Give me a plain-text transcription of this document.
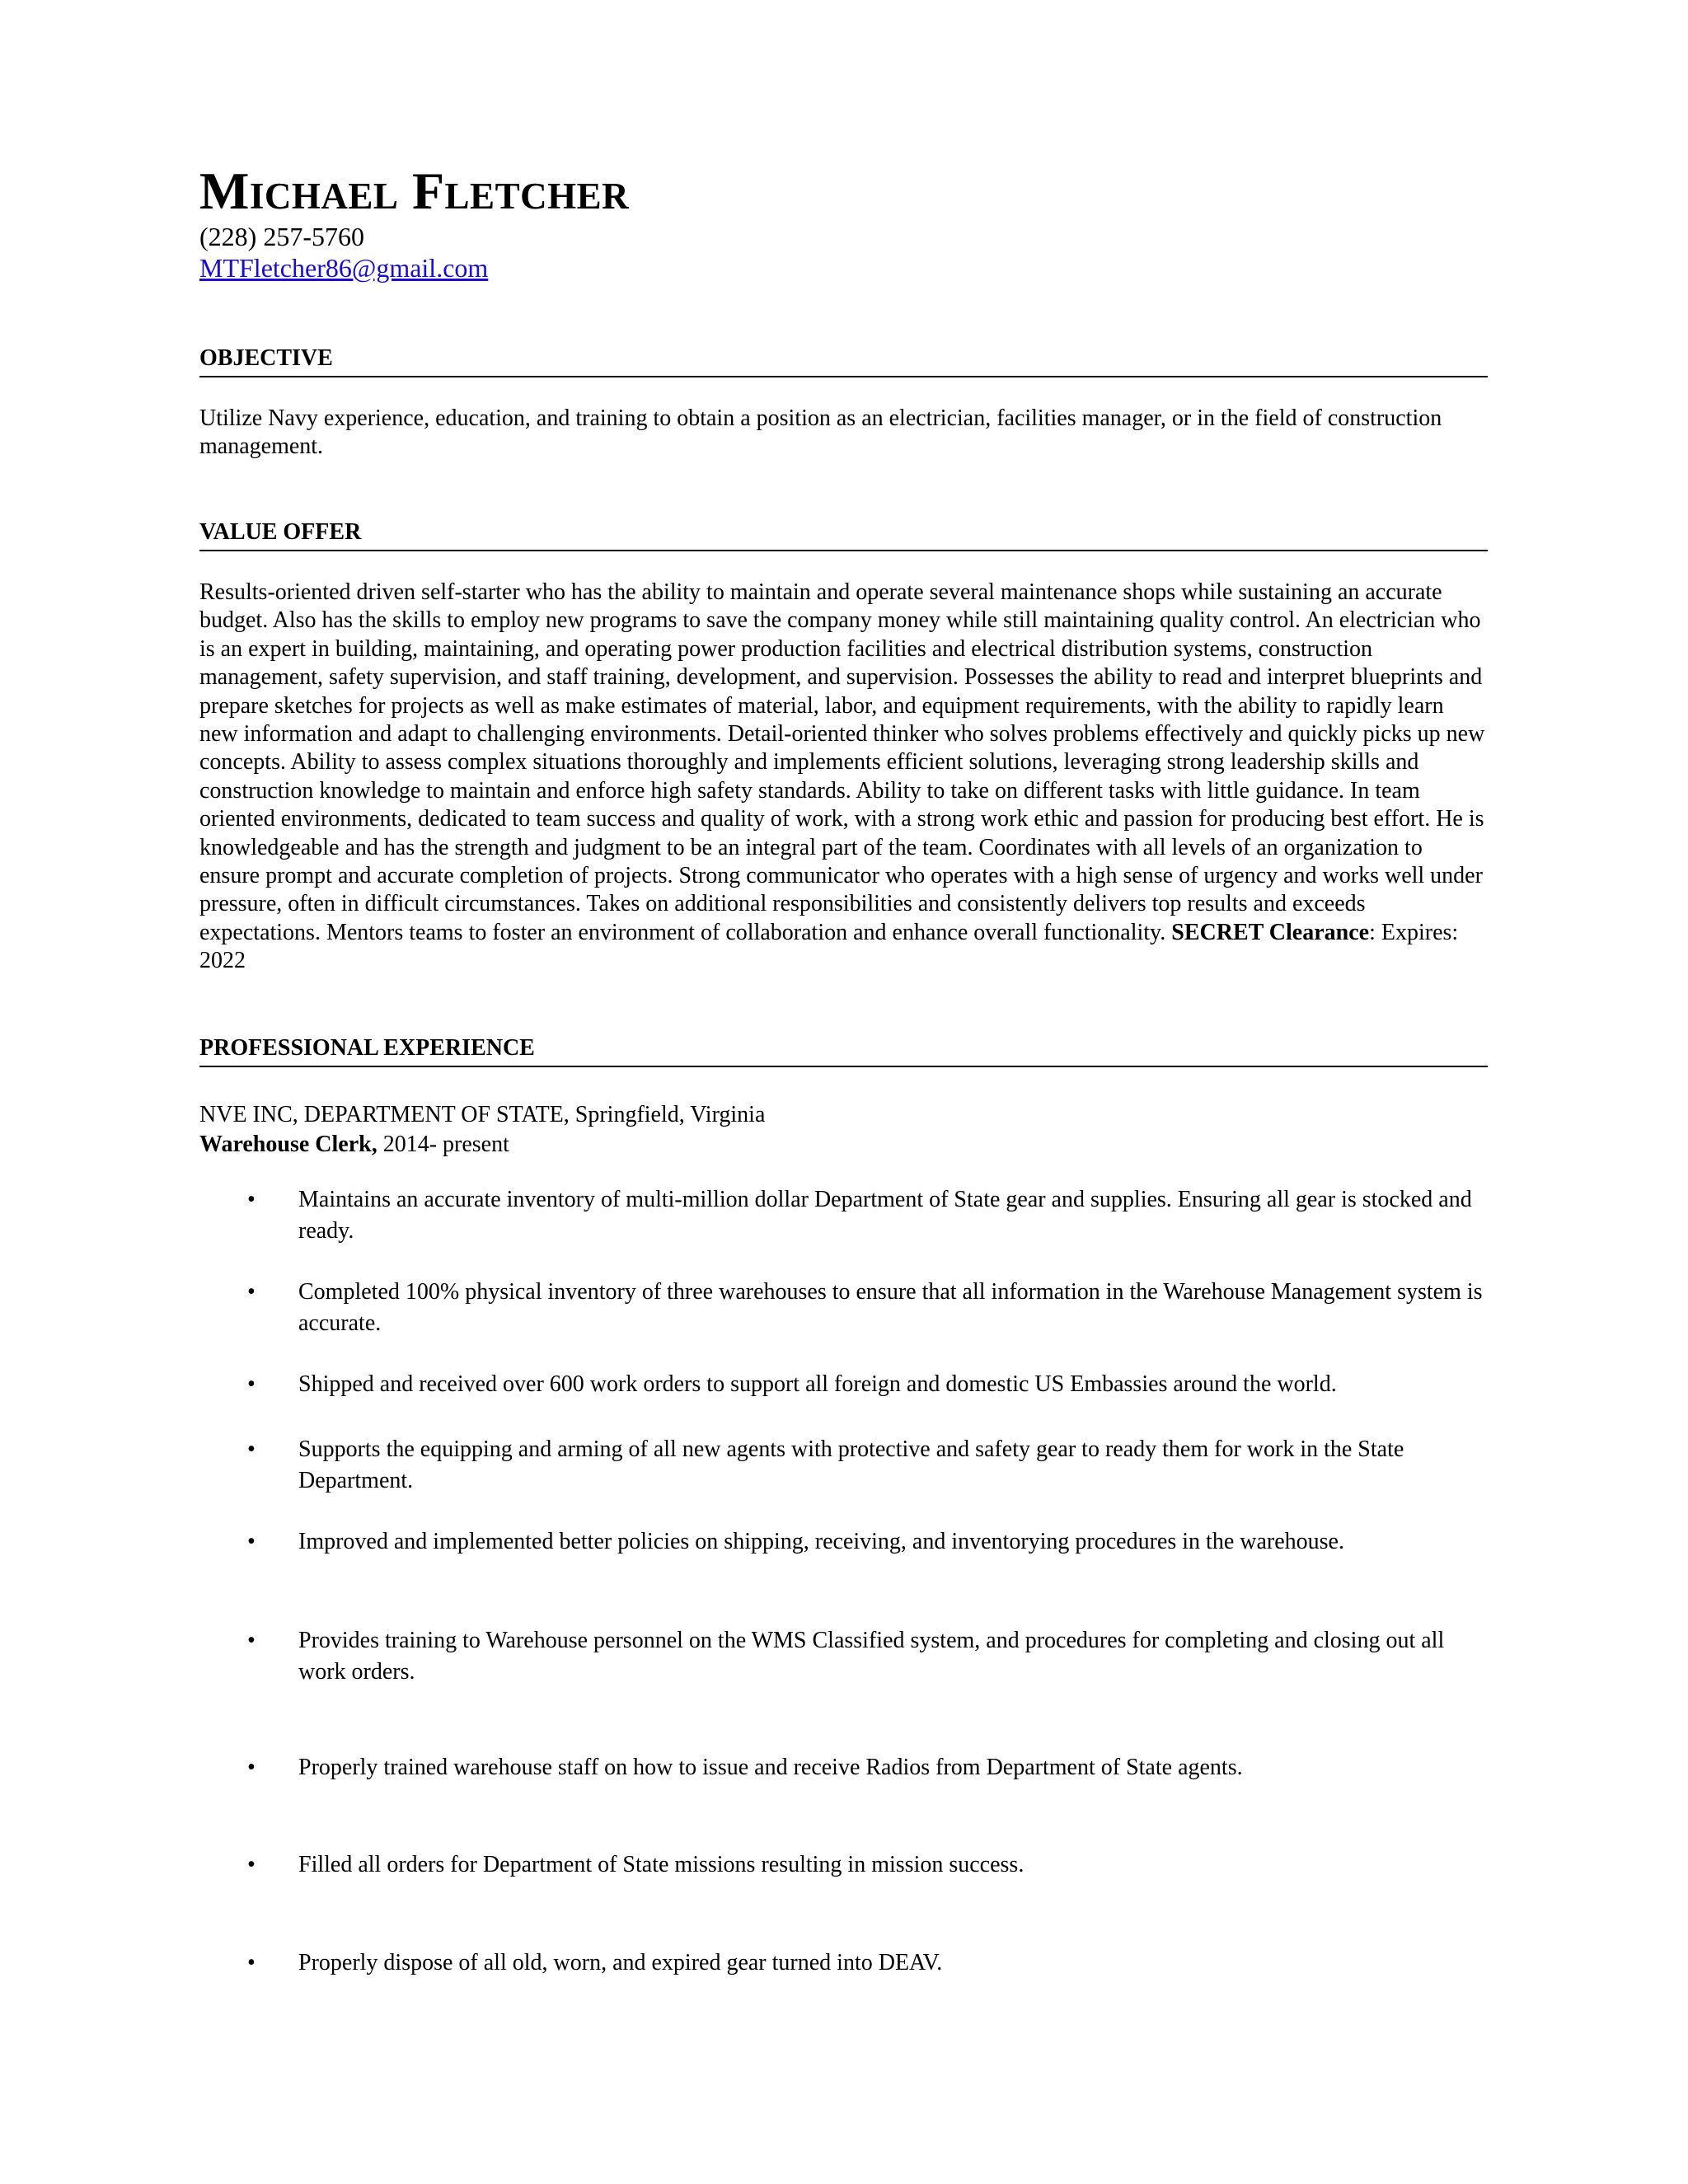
Michael Fletcher
(228) 257-5760
MTFletcher86@gmail.com
OBJECTIVE

Utilize Navy experience, education, and training to obtain a position as an electrician, facilities manager, or in the field of construction management.

VALUE OFFER

Results-oriented driven self-starter who has the ability to maintain and operate several maintenance shops while sustaining an accurate budget. Also has the skills to employ new programs to save the company money while still maintaining quality control. An electrician who is an expert in building, maintaining, and operating power production facilities and electrical distribution systems, construction management, safety supervision, and staff training, development, and supervision. Possesses the ability to read and interpret blueprints and prepare sketches for projects as well as make estimates of material, labor, and equipment requirements, with the ability to rapidly learn new information and adapt to challenging environments. Detail-oriented thinker who solves problems effectively and quickly picks up new concepts. Ability to assess complex situations thoroughly and implements efficient solutions, leveraging strong leadership skills and construction knowledge to maintain and enforce high safety standards. Ability to take on different tasks with little guidance. In team oriented environments, dedicated to team success and quality of work, with a strong work ethic and passion for producing best effort. He is knowledgeable and has the strength and judgment to be an integral part of the team. Coordinates with all levels of an organization to ensure prompt and accurate completion of projects. Strong communicator who operates with a high sense of urgency and works well under pressure, often in difficult circumstances. Takes on additional responsibilities and consistently delivers top results and exceeds expectations. Mentors teams to foster an environment of collaboration and enhance overall functionality. SECRET Clearance: Expires: 2022

PROFESSIONAL EXPERIENCE
NVE INC, DEPARTMENT OF STATE, Springfield, Virginia
Warehouse Clerk, 2014- present
• Maintains an accurate inventory of multi-million dollar Department of State gear and supplies. Ensuring all gear is stocked and ready.
• Completed 100% physical inventory of three warehouses to ensure that all information in the Warehouse Management system is accurate.
• Shipped and received over 600 work orders to support all foreign and domestic US Embassies around the world.
• Supports the equipping and arming of all new agents with protective and safety gear to ready them for work in the State Department.
• Improved and implemented better policies on shipping, receiving, and inventorying procedures in the warehouse.
• Provides training to Warehouse personnel on the WMS Classified system, and procedures for completing and closing out all work orders.
• Properly trained warehouse staff on how to issue and receive Radios from Department of State agents.
• Filled all orders for Department of State missions resulting in mission success.
• Properly dispose of all old, worn, and expired gear turned into DEAV.
